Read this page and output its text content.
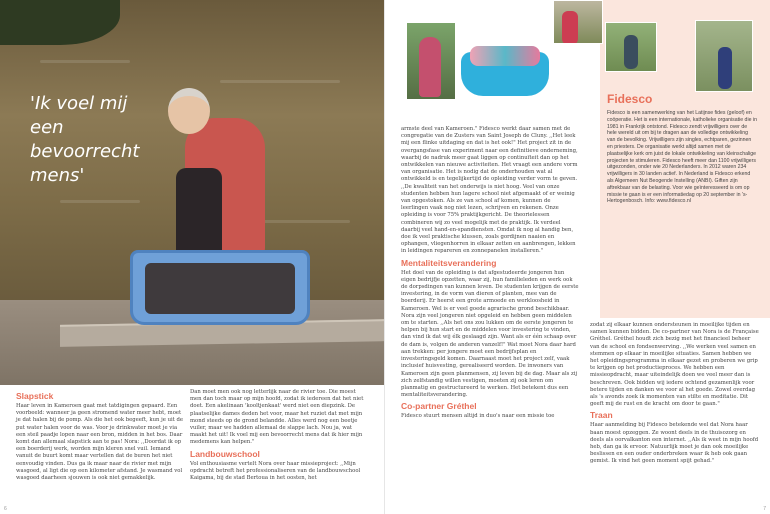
'Ik voel mij een bevoorrecht mens'
Slapstick

Haar leven in Kameroen gaat met tatdigingen gepaard. Een voorbeeld: wanneer ja geen stromend water meer hebt, moet je dat halen bij de pomp. Als die het ook begeeft, kun je uit de put water halen voor de was. Voor je drinkwater moet je via een steil paadje lopen naar een bron, midden in het bos. Daar komt dan allemaal slapstick aan te pas! Nora: ,,Doordat ik op een boerderij werk, worden mijn kleren snel vuil. Iemand vanuit de buurt komt maar vertellen dat de buren het niet eenvoudig vinden. Dus ga ik maar naar de rivier met mijn wasgoed, al ligt die op een kilometer afstand. Je wasmand vol wasgoed daarheen sjouwen is ook niet gemakkelijk.

Dan moet men ook nog letterlijk naar de rivier toe. Die moest men dan toch maar op mijn hoofd, zodat ik iedereen dat het niet doet. Een akelinaan 'kooltjenkaat' werd niet een diepzink. De plaatselijke dames deden het voor, maar het ruziet dat met mijn mond steeds op de grond belandde. Alles werd nog een beetje vuiler, maar we hadden allemaal de slappe lach. Nou ja, wat maakt het uit! Ik voel mij een bevoorrecht mens dat ik hier mijn medemens kan helpen."

Landbouwschool

Vol enthousiasme vertelt Nora over haar missieproject: ,,Mijn opdracht betreft het professionaliseren van de landbouwschool Kaigama, bij de stad Bertoua in het oosten, het

6
Fidesco
Fidesco is een samenwerking van het Latijnse fides (geloof) en coöperatie. Het is een internationale, katholieke organisatie die in 1981 in Frankrijk ontstond. Fidesco zendt vrijwilligers over de hele wereld uit om bij te dragen aan de volledige ontwikkeling van de bevolking. Vrijwilligers zijn singles, echtparen, gezinnen en priesters. De organisatie werkt altijd samen met de plaatselijke kerk om juist de lokale ontwikkeling van kleinschalige projecten te stimuleren. Fidesco heeft meer dan 1100 vrijwilligers uitgezonden, onder wie 20 Nederlanders. In 2012 waren 234 vrijwilligers in 30 landen actief. In Nederland is Fidesco erkend als Algemeen Nut Beogende Instelling (ANBI). Giften zijn aftrekbaar van de belasting. Voor wie geïnteresseerd is om op missie te gaan is er een informatiedag op 20 september in 's-Hertogenbosch. Info: www.fidesco.nl

armste deel van Kameroen." Fidesco werkt daar samen met de congregatie van de Zusters van Saint Joseph de Cluny. ,,Het leek mij een flinke uitdaging en dat is het ook!" Het project zit in de overgangsfase van experiment naar een definitieve onderneming, waarbij de nadruk meer gaat liggen op continuïteit dan op het ontwikkelen van nieuwe activiteiten. Het vraagt een andere vorm van organisatie. Het is nodig dat de onderhouden wat al ontwikkeld is en tegelijkertijd de opleiding verder vorm te geven. ,,De kwaliteit van het onderwijs is niet hoog. Veel van onze studenten hebben hun lagere school niet afgemaakt of er weinig van opgestoken. Als ze van school af komen, kunnen de leerlingen vaak nog niet lezen, schrijven en rekenen. Onze opleiding is voor 75% praktijkgericht. De theorielessen combineren wij zo veel mogelijk met de praktijk. Ik verdeel daarbij veel hand-en-spandiensten. Omdat ik nog al handig ben, doe ik veel praktische klussen, zoals gordijnen naaien en ophangen, vliegenhorren in elkaar zetten en aanbrengen, lekken in leidingen repareren en zonnepanelen installeren."

Mentaliteitsverandering

Het doel van de opleiding is dat afgestudeerde jongeren hun eigen bedrijfje opzetten, waar zij, hun familieleden en werk ook de dorpsdingen van kunnen leven. De studenten krijgen de eerste investering, in de vorm van dieren of planten, mee van de boerderij. Er heerst een grote armoede en werkloosheid in Kameroen. Wel is er veel goede agrarische grond beschikbaar. Nora zijn veel jongeren niet opgeleid en hebben geen middelen om te starten. ,,Als het ons zou lukken om de eerste jongeren te helpen bij hun start en de middelen voor investering te vinden, dan vind ik dat wij élk geslaagd zijn. Want als er één schaap over de dam is, volgen de anderen vanzelf!" Wat moet Nora daar hard aan trekken: per jongere moet een bedrijfsplan en investeringsgeld komen. Daarnaast moet het project zelf, vaak inclusief huisvesting, gerealiseerd worden. De inwoners van Kameroen zijn geen planmensen, zij leven bij de dag. Maar als zij zich zelfstandig willen vestigen, moeten zij ook leren om planmatig en gestructureerd te werken. Het betekent dus een mentaliteitsverandering.

Co-partner Gréthel

Fidesco stuurt mensen altijd in duo's naar een missie toe

zodat zij elkaar kunnen ondersteunen in moeilijke tijden en samen kunnen bidden. De co-partner van Nora is de Française Gréthel. Gréthel houdt zich bezig met het financieel beheer van de school en fondsenwerving. ,,We werken veel samen en stemmen op elkaar in moeilijke situaties. Samen hebben we het opleidingsprogramma in elkaar gezet en proberen we grip te krijgen op het productieproces. We hebben een missieopdracht, maar uiteindelijk doen we veel meer dan is beschreven. Ook bidden wij iedere ochtend gezamenlijk voor betere tijden en danken we voor al het goede. Zowel overdag als 's avonds zoek ik momenten van stilte en meditatie. Dit geeft mij de rust en de kracht om door te gaan."

Traan

Haar aanmelding bij Fidesco betekende wel dat Nora haar baan moest opzeggen. Ze woont deels in de thuisozorg en deels als oorvalkanton een internet. ,,Als ik weet in mijn hoofd heb, dan ga ik ervoor. Natuurlijk moet je dan ook moeilijke beslissen en een ouder onderbreken waar ik heb ook gaan gemist. Ik vind het geen moment spijt gehad."

7
